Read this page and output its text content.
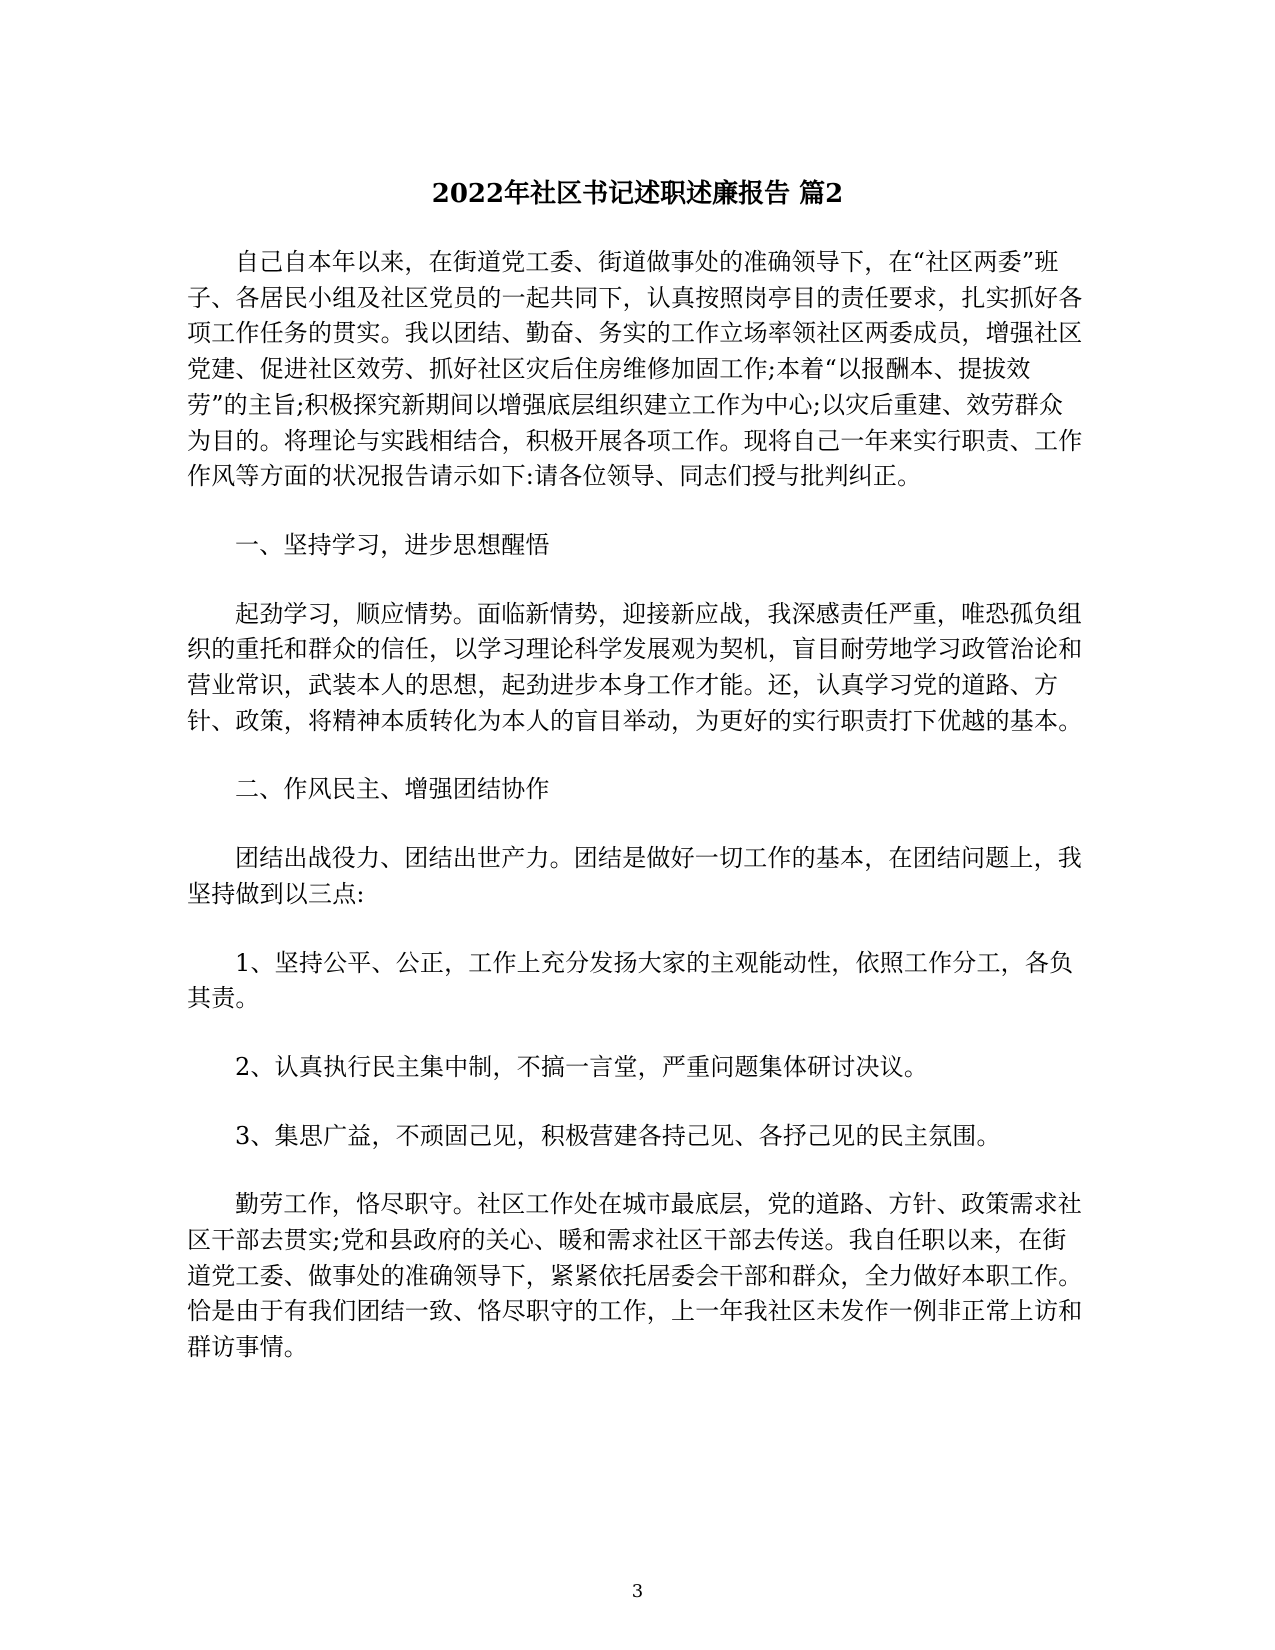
2022年社区书记述职述廉报告 篇2

自己自本年以来，在街道党工委、街道做事处的准确领导下，在“社区两委”班子、各居民小组及社区党员的一起共同下，认真按照岗亭目的责任要求，扎实抓好各项工作任务的贯实。我以团结、勤奋、务实的工作立场率领社区两委成员，增强社区党建、促进社区效劳、抓好社区灾后住房维修加固工作;本着“以报酬本、提拔效劳”的主旨;积极探究新期间以增强底层组织建立工作为中心;以灾后重建、效劳群众为目的。将理论与实践相结合，积极开展各项工作。现将自己一年来实行职责、工作作风等方面的状况报告请示如下:请各位领导、同志们授与批判纠正。

一、坚持学习，进步思想醒悟

起劲学习，顺应情势。面临新情势，迎接新应战，我深感责任严重，唯恐孤负组织的重托和群众的信任，以学习理论科学发展观为契机，盲目耐劳地学习政管治论和营业常识，武装本人的思想，起劲进步本身工作才能。还，认真学习党的道路、方针、政策，将精神本质转化为本人的盲目举动，为更好的实行职责打下优越的基本。

二、作风民主、增强团结协作

团结出战役力、团结出世产力。团结是做好一切工作的基本，在团结问题上，我坚持做到以三点:

1、坚持公平、公正，工作上充分发扬大家的主观能动性，依照工作分工，各负其责。

2、认真执行民主集中制，不搞一言堂，严重问题集体研讨决议。

3、集思广益，不顽固己见，积极营建各持己见、各抒己见的民主氛围。

勤劳工作，恪尽职守。社区工作处在城市最底层，党的道路、方针、政策需求社区干部去贯实;党和县政府的关心、暖和需求社区干部去传送。我自任职以来，在街道党工委、做事处的准确领导下，紧紧依托居委会干部和群众，全力做好本职工作。恰是由于有我们团结一致、恪尽职守的工作，上一年我社区未发作一例非正常上访和群访事情。

3
